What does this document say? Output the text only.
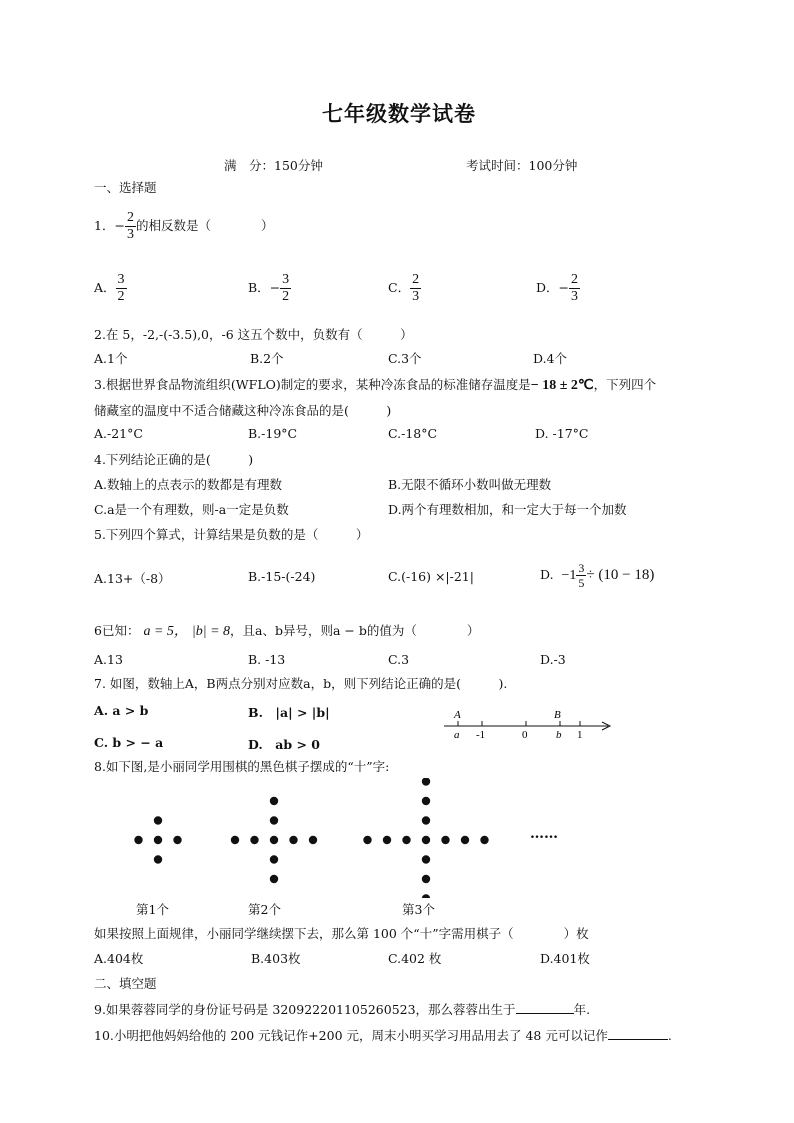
七年级数学试卷
满　分：150分钟	考试时间：100分钟
一、选择题
1．− $\frac{2}{3}$ 的相反数是（　　　　）
A． $\frac{3}{2}$	B．− $\frac{3}{2}$	C． $\frac{2}{3}$	D．− $\frac{2}{3}$
2.在 5，-2,-(-3.5),0，-6 这五个数中，负数有（　　　）
A.1个	B.2个	C.3个	D.4个
3.根据世界食品物流组织(WFLO)制定的要求，某种冷冻食品的标准储存温度是− 18 ± 2℃，下列四个
储藏室的温度中不适合储藏这种冷冻食品的是(　　　)
A.-21°C	B.-19°C	C.-18°C	D. -17°C
4.下列结论正确的是(　　　)
A.数轴上的点表示的数都是有理数	B.无限不循环小数叫做无理数
C.a是一个有理数，则-a一定是负数	D.两个有理数相加，和一定大于每一个加数
5.下列四个算式，计算结果是负数的是（　　　）
A.13+（-8）	B.-15-(-24)	C.(-16) ×|-21|	D. $-1 \frac{3}{5} \div (10 - 18)$
6已知： a = 5， |b| = 8，且a、b异号，则a − b的值为（　　　　）
A.13	B. -13	C.3	D.-3
7. 如图，数轴上A，B两点分别对应数a，b，则下列结论正确的是(　　　).
A. a > b	B.　|a| > |b|
C. b > − a	D.　ab > 0
A	B
a -1	0	b 1
8.如下图,是小丽同学用围棋的黑色棋子摆成的“十”字:
……
第1个	第2个	第3个
如果按照上面规律，小丽同学继续摆下去，那么第 100 个“十”字需用棋子（　　　　）枚
A.404枚	B.403枚	C.402 枚	D.401枚
二、填空题
9.如果蓉蓉同学的身份证号码是 320922201105260523，那么蓉蓉出生于	年.
10.小明把他妈妈给他的 200 元钱记作+200 元，周末小明买学习用品用去了 48 元可以记作	.
